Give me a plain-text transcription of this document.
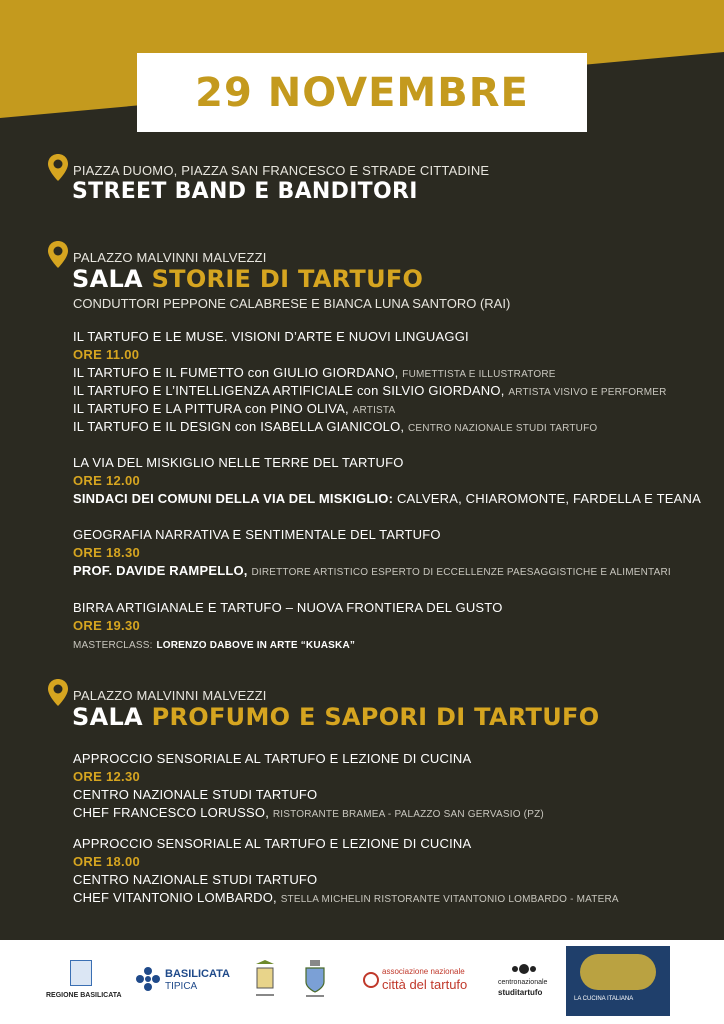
29 NOVEMBRE
PIAZZA DUOMO, PIAZZA SAN FRANCESCO E STRADE CITTADINE
STREET BAND E BANDITORI
PALAZZO MALVINNI MALVEZZI
SALA STORIE DI TARTUFO
CONDUTTORI PEPPONE CALABRESE E BIANCA LUNA SANTORO (RAI)
IL TARTUFO E LE MUSE. VISIONI D’ARTE E NUOVI LINGUAGGI
ORE 11.00
IL TARTUFO E IL FUMETTO con GIULIO GIORDANO, FUMETTISTA E ILLUSTRATORE
IL TARTUFO E L’INTELLIGENZA ARTIFICIALE con SILVIO GIORDANO, ARTISTA VISIVO E PERFORMER
IL TARTUFO E LA PITTURA con PINO OLIVA, ARTISTA
IL TARTUFO E IL DESIGN con ISABELLA GIANICOLO, CENTRO NAZIONALE STUDI TARTUFO
LA VIA DEL MISKIGLIO NELLE TERRE DEL TARTUFO
ORE 12.00
SINDACI DEI COMUNI DELLA VIA DEL MISKIGLIO: CALVERA, CHIAROMONTE, FARDELLA E TEANA
GEOGRAFIA NARRATIVA E SENTIMENTALE DEL TARTUFO
ORE 18.30
PROF. DAVIDE RAMPELLO, DIRETTORE ARTISTICO ESPERTO DI ECCELLENZE PAESAGGISTICHE E ALIMENTARI
BIRRA ARTIGIANALE E TARTUFO – NUOVA FRONTIERA DEL GUSTO
ORE 19.30
MASTERCLASS: LORENZO DABOVE IN ARTE “KUASKA”
PALAZZO MALVINNI MALVEZZI
SALA PROFUMO E SAPORI DI TARTUFO
APPROCCIO SENSORIALE AL TARTUFO E LEZIONE DI CUCINA
ORE 12.30
CENTRO NAZIONALE STUDI TARTUFO
CHEF FRANCESCO LORUSSO, RISTORANTE BRAMEA - PALAZZO SAN GERVASIO (PZ)
APPROCCIO SENSORIALE AL TARTUFO E LEZIONE DI CUCINA
ORE 18.00
CENTRO NAZIONALE STUDI TARTUFO
CHEF VITANTONIO LOMBARDO, STELLA MICHELIN RISTORANTE VITANTONIO LOMBARDO - MATERA
REGIONE BASILICATA
BASILICATA
TIPICA
associazione nazionale
città del tartufo	centronazionale
studitartufo
LA CUCINA ITALIANA
